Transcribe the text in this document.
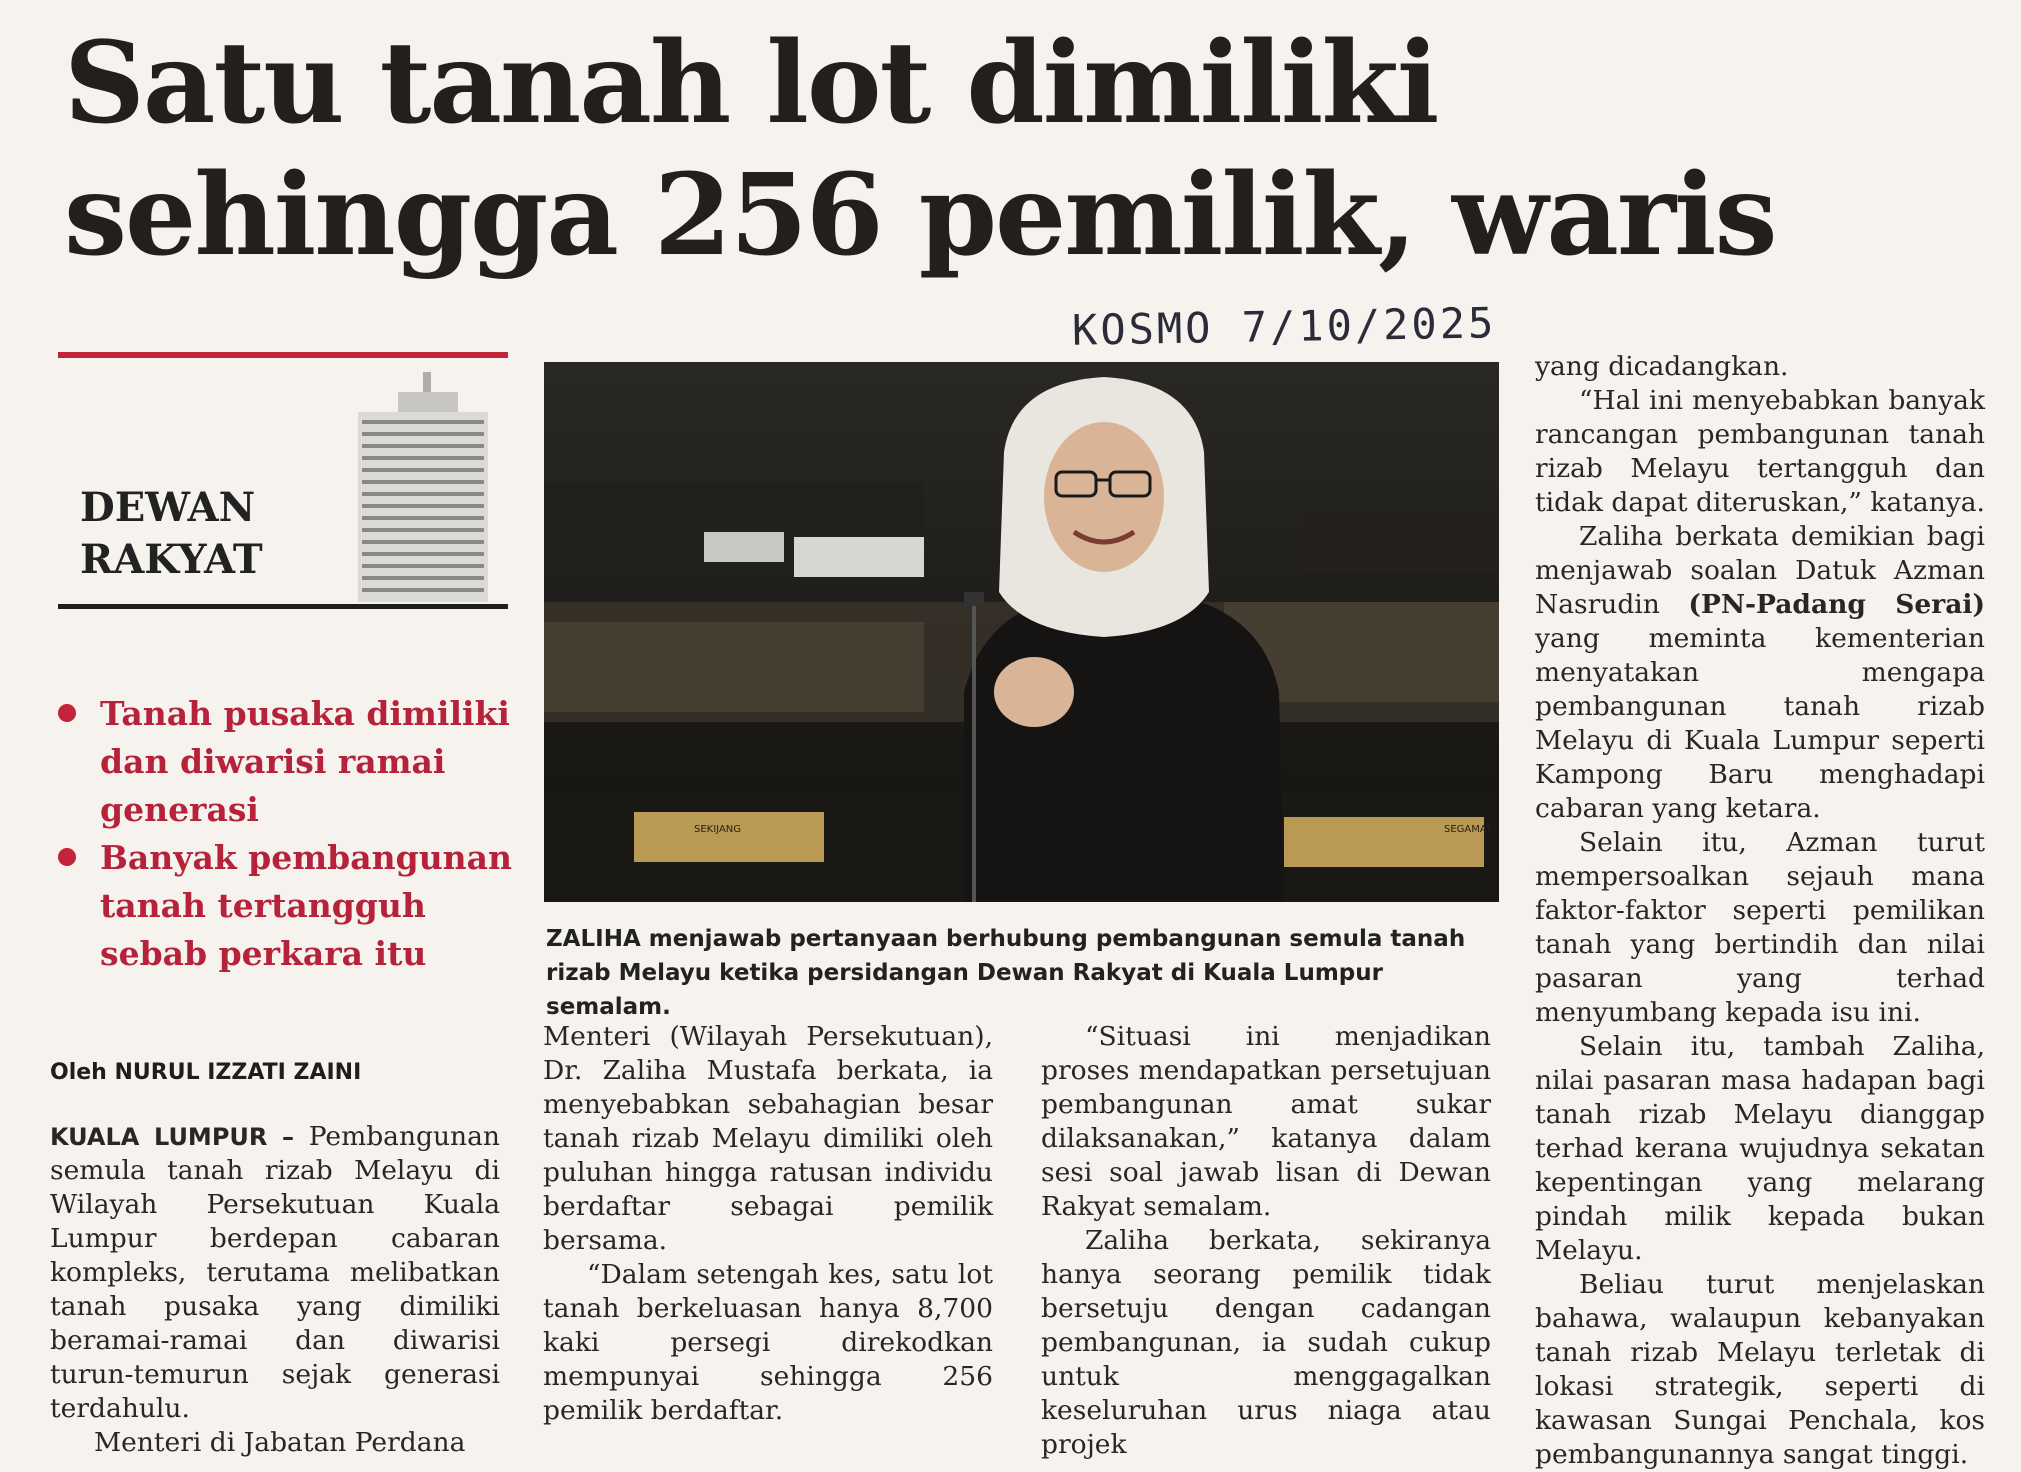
Satu tanah lot dimiliki
sehingga 256 pemilik, waris
KOSMO 7/10/2025
DEWAN
RAKYAT
Tanah pusaka dimiliki dan diwarisi ramai generasi
Banyak pembangunan tanah tertangguh sebab perkara itu
Oleh NURUL IZZATI ZAINI
SEKIJANG	SEGAMAT
ZALIHA menjawab pertanyaan berhubung pembangunan semula tanah rizab Melayu ketika persidangan Dewan Rakyat di Kuala Lumpur semalam.

KUALA LUMPUR – Pembangunan semula tanah rizab Melayu di Wilayah Persekutuan Kuala Lumpur berdepan cabaran kompleks, terutama melibatkan tanah pusaka yang dimiliki beramai-ramai dan diwarisi turun-temurun sejak generasi terdahulu.

Menteri di Jabatan Perdana

Menteri (Wilayah Persekutuan), Dr. Zaliha Mustafa berkata, ia menyebabkan sebahagian besar tanah rizab Melayu dimiliki oleh puluhan hingga ratusan individu berdaftar sebagai pemilik bersama.

“Dalam setengah kes, satu lot tanah berkeluasan hanya 8,700 kaki persegi direkodkan mempunyai sehingga 256 pemilik berdaftar.

“Situasi ini menjadikan proses mendapatkan persetujuan pembangunan amat sukar dilaksanakan,” katanya dalam sesi soal jawab lisan di Dewan Rakyat semalam.

Zaliha berkata, sekiranya hanya seorang pemilik tidak bersetuju dengan cadangan pembangunan, ia sudah cukup untuk menggagalkan keseluruhan urus niaga atau projek

yang dicadangkan.

“Hal ini menyebabkan banyak rancangan pembangunan tanah rizab Melayu tertangguh dan tidak dapat diteruskan,” katanya.

Zaliha berkata demikian bagi menjawab soalan Datuk Azman Nasrudin (PN-Padang Serai) yang meminta kementerian menyatakan mengapa pembangunan tanah rizab Melayu di Kuala Lumpur seperti Kampong Baru menghadapi cabaran yang ketara.

Selain itu, Azman turut mempersoalkan sejauh mana faktor-faktor seperti pemilikan tanah yang bertindih dan nilai pasaran yang terhad menyumbang kepada isu ini.

Selain itu, tambah Zaliha, nilai pasaran masa hadapan bagi tanah rizab Melayu dianggap terhad kerana wujudnya sekatan kepentingan yang melarang pindah milik kepada bukan Melayu.

Beliau turut menjelaskan bahawa, walaupun kebanyakan tanah rizab Melayu terletak di lokasi strategik, seperti di kawasan Sungai Penchala, kos pembangunannya sangat tinggi.
